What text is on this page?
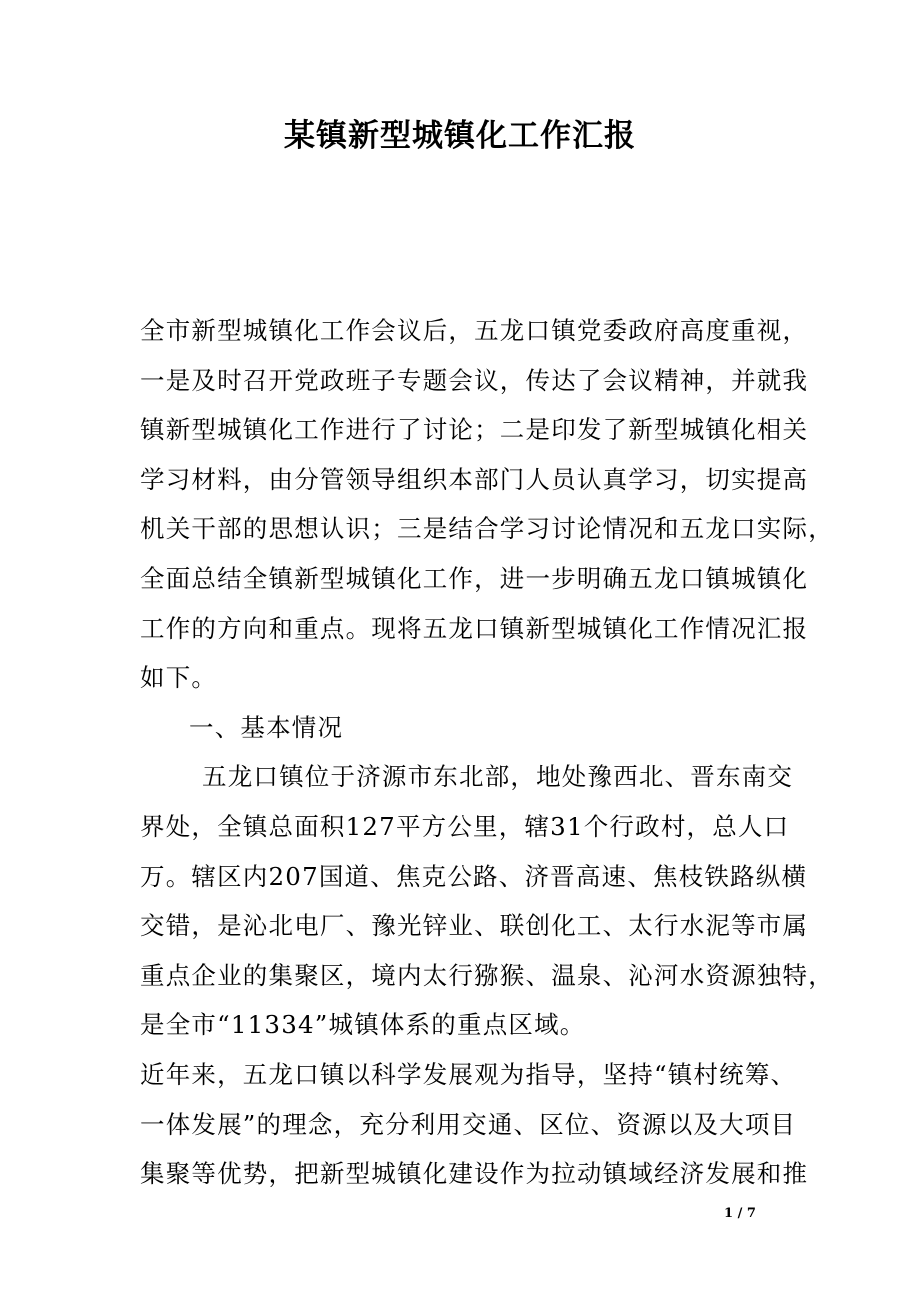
某镇新型城镇化工作汇报
全市新型城镇化工作会议后，五龙口镇党委政府高度重视，
一是及时召开党政班子专题会议，传达了会议精神，并就我
镇新型城镇化工作进行了讨论；二是印发了新型城镇化相关
学习材料，由分管领导组织本部门人员认真学习，切实提高
机关干部的思想认识；三是结合学习讨论情况和五龙口实际，
全面总结全镇新型城镇化工作，进一步明确五龙口镇城镇化
工作的方向和重点。现将五龙口镇新型城镇化工作情况汇报
如下。
一、基本情况
五龙口镇位于济源市东北部，地处豫西北、晋东南交
界处，全镇总面积127平方公里，辖31个行政村，总人口
万。辖区内207国道、焦克公路、济晋高速、焦枝铁路纵横
交错，是沁北电厂、豫光锌业、联创化工、太行水泥等市属
重点企业的集聚区，境内太行猕猴、温泉、沁河水资源独特，
是全市“11334”城镇体系的重点区域。
近年来，五龙口镇以科学发展观为指导，坚持“镇村统筹、
一体发展”的理念，充分利用交通、区位、资源以及大项目
集聚等优势，把新型城镇化建设作为拉动镇域经济发展和推
1 / 7
